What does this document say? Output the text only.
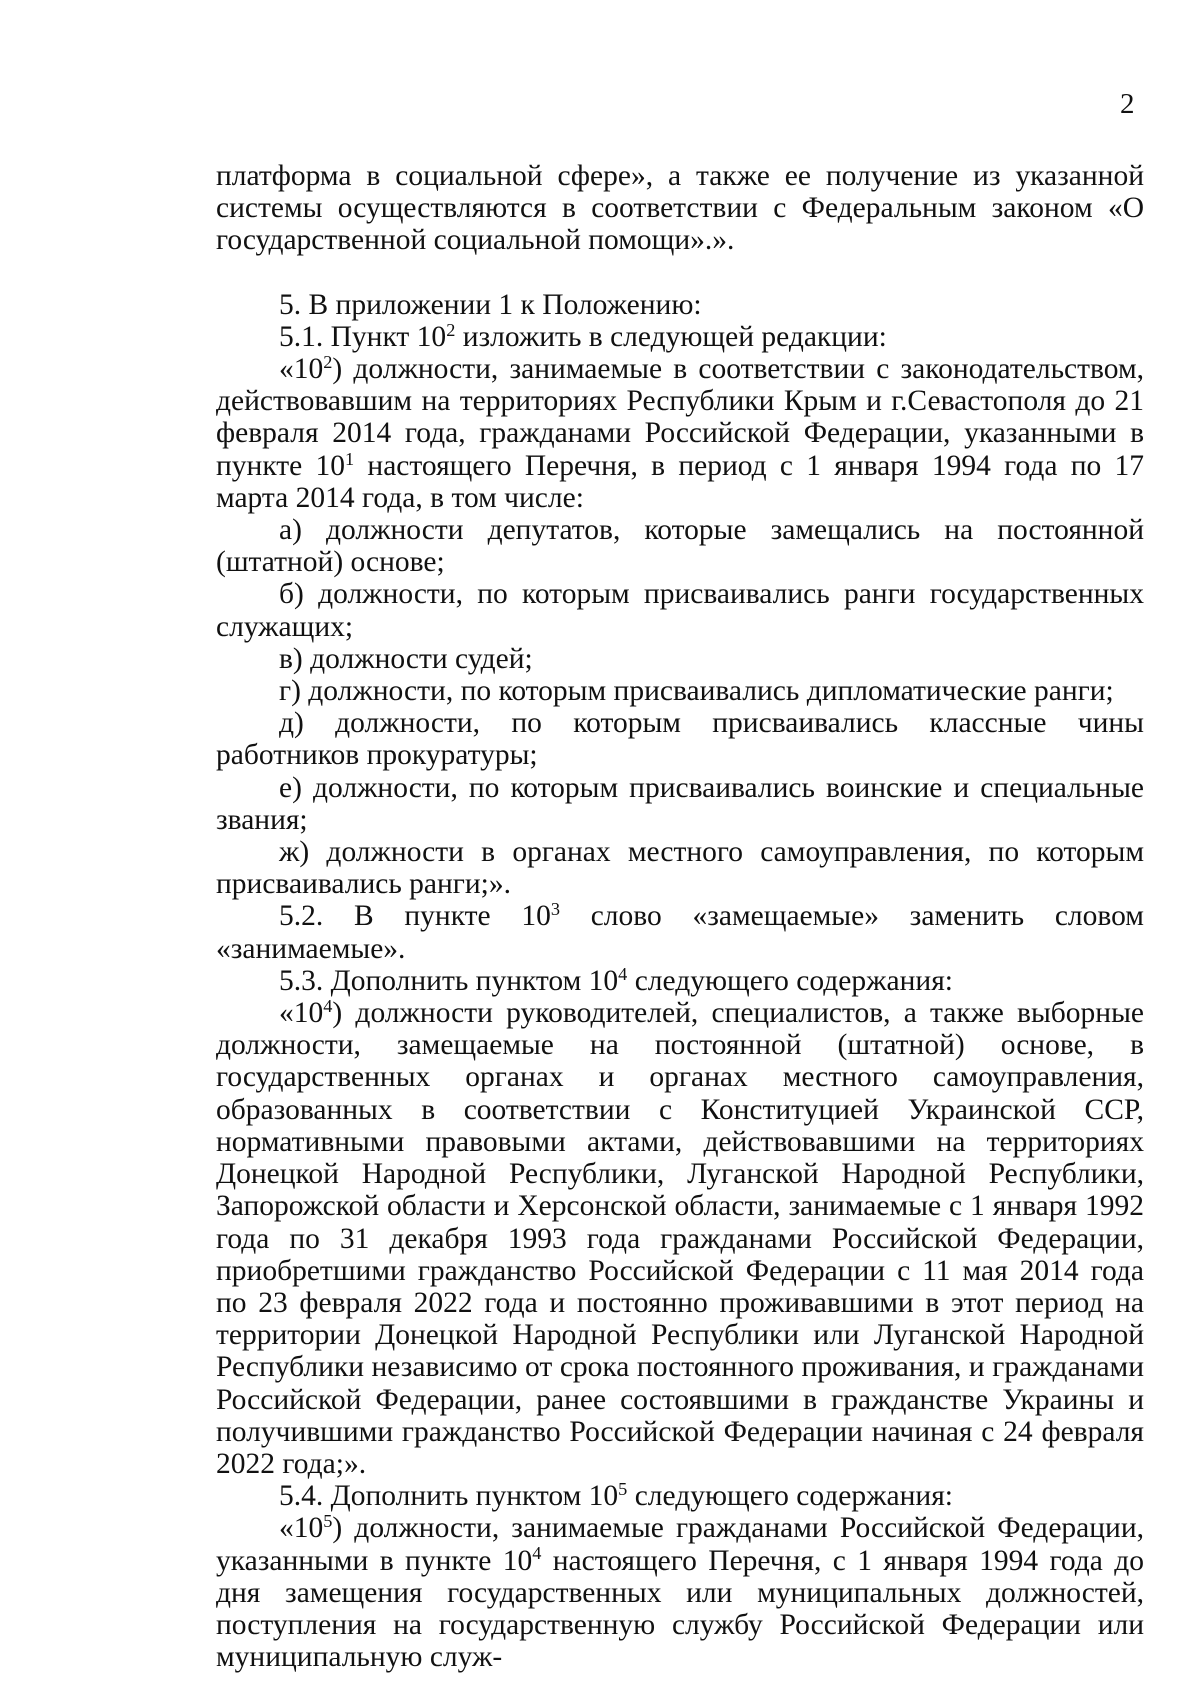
2

платформа в социальной сфере», а также ее получение из указанной системы осуществляются в соответствии с Федеральным законом «О государственной социальной помощи».».

5. В приложении 1 к Положению:

5.1. Пункт $10^2$ изложить в следующей редакции:

«$10^2$) должности, занимаемые в соответствии с законодательством, действовавшим на территориях Республики Крым и г.Севастополя до 21 февраля 2014 года, гражданами Российской Федерации, указанными в пункте $10^1$ настоящего Перечня, в период с 1 января 1994 года по 17 марта 2014 года, в том числе:

а) должности депутатов, которые замещались на постоянной (штатной) основе;

б) должности, по которым присваивались ранги государственных служащих;

в) должности судей;

г) должности, по которым присваивались дипломатические ранги;

д) должности, по которым присваивались классные чины работников прокуратуры;

е) должности, по которым присваивались воинские и специальные звания;

ж) должности в органах местного самоуправления, по которым присваивались ранги;».

5.2. В пункте $10^3$ слово «замещаемые» заменить словом «занимаемые».

5.3. Дополнить пунктом $10^4$ следующего содержания:

«$10^4$) должности руководителей, специалистов, а также выборные должности, замещаемые на постоянной (штатной) основе, в государственных органах и органах местного самоуправления, образованных в соответствии с Конституцией Украинской ССР, нормативными правовыми актами, действовавшими на территориях Донецкой Народной Республики, Луганской Народной Республики, Запорожской области и Херсонской области, занимаемые с 1 января 1992 года по 31 декабря 1993 года гражданами Российской Федерации, приобретшими гражданство Российской Федерации с 11 мая 2014 года по 23 февраля 2022 года и постоянно проживавшими в этот период на территории Донецкой Народной Республики или Луганской Народной Республики независимо от срока постоянного проживания, и гражданами Российской Федерации, ранее состоявшими в гражданстве Украины и получившими гражданство Российской Федерации начиная с 24 февраля 2022 года;».

5.4. Дополнить пунктом $10^5$ следующего содержания:

«$10^5$) должности, занимаемые гражданами Российской Федерации, указанными в пункте $10^4$ настоящего Перечня, с 1 января 1994 года до дня замещения государственных или муниципальных должностей, поступления на государственную службу Российской Федерации или муниципальную служ-
